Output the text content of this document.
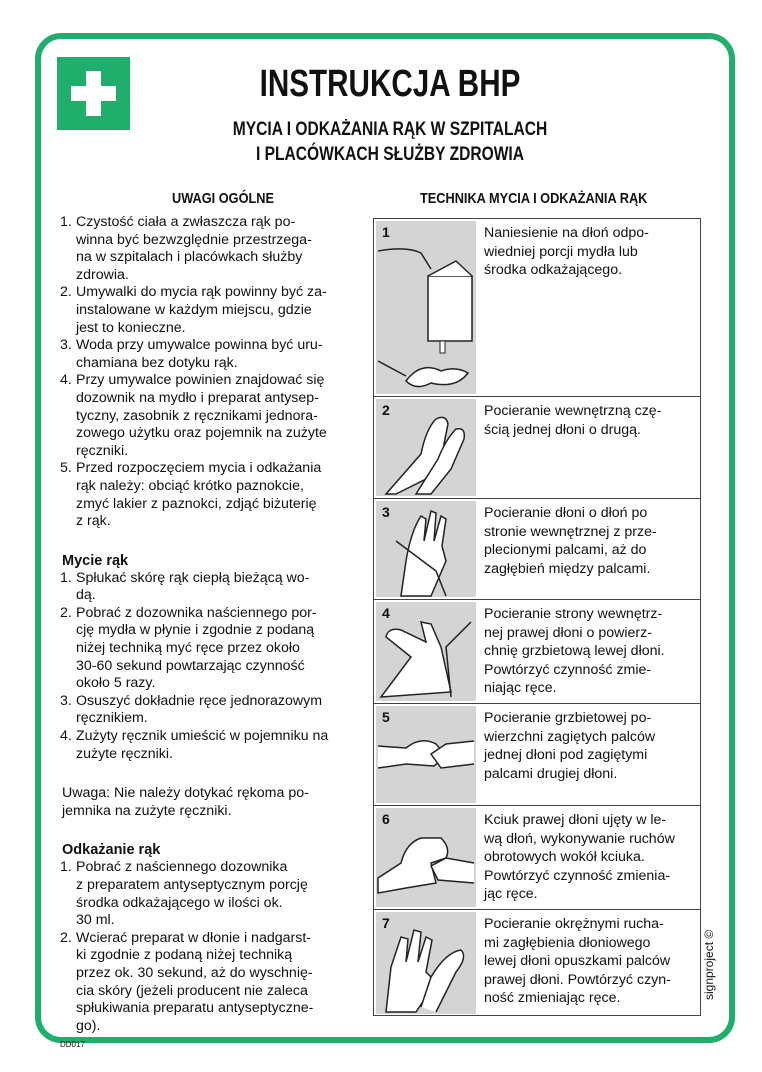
INSTRUKCJA BHP
MYCIA I ODKAŻANIA RĄK W SZPITALACH
I PLACÓWKACH SŁUŻBY ZDROWIA
UWAGI OGÓLNE	TECHNIKA MYCIA I ODKAŻANIA RĄK
1. Czystość ciała a zwłaszcza rąk po-
winna być bezwzględnie przestrzega-
na w szpitalach i placówkach służby
zdrowia.
2. Umywalki do mycia rąk powinny być za-
instalowane w każdym miejscu, gdzie
jest to konieczne.
3. Woda przy umywalce powinna być uru-
chamiana bez dotyku rąk.
4. Przy umywalce powinien znajdować się
dozownik na mydło i preparat antysep-
tyczny, zasobnik z ręcznikami jednora-
zowego użytku oraz pojemnik na zużyte
ręczniki.
5. Przed rozpoczęciem mycia i odkażania
rąk należy: obciąć krótko paznokcie,
zmyć lakier z paznokci, zdjąć biżuterię
z rąk.
Mycie rąk
1. Spłukać skórę rąk ciepłą bieżącą wo-
dą.
2. Pobrać z dozownika naściennego por-
cję mydła w płynie i zgodnie z podaną
niżej techniką myć ręce przez około
30-60 sekund powtarzając czynność
około 5 razy.
3. Osuszyć dokładnie ręce jednorazowym
ręcznikiem.
4. Zużyty ręcznik umieścić w pojemniku na
zużyte ręczniki.
Uwaga: Nie należy dotykać rękoma po-
jemnika na zużyte ręczniki.
Odkażanie rąk
1. Pobrać z naściennego dozownika
z preparatem antyseptycznym porcję
środka odkażającego w ilości ok.
30 ml.
2. Wcierać preparat w dłonie i nadgarst-
ki zgodnie z podaną niżej techniką
przez ok. 30 sekund, aż do wyschnię-
cia skóry (jeżeli producent nie zaleca
spłukiwania preparatu antyseptyczne-
go).
1	Naniesienie na dłoń odpo-
wiedniej porcji mydła lub
środka odkażającego.
2	Pocieranie wewnętrzną czę-
ścią jednej dłoni o drugą.
3	Pocieranie dłoni o dłoń po
stronie wewnętrznej z prze-
plecionymi palcami, aż do
zagłębień między palcami.
4	Pocieranie strony wewnętrz-
nej prawej dłoni o powierz-
chnię grzbietową lewej dłoni.
Powtórzyć czynność zmie-
niając ręce.
5	Pocieranie grzbietowej po-
wierzchni zagiętych palców
jednej dłoni pod zagiętymi
palcami drugiej dłoni.
6	Kciuk prawej dłoni ujęty w le-
wą dłoń, wykonywanie ruchów
obrotowych wokół kciuka.
Powtórzyć czynność zmienia-
jąc ręce.
7	Pocieranie okrężnymi rucha-
mi zagłębienia dłoniowego
lewej dłoni opuszkami palców
prawej dłoni. Powtórzyć czyn-
ność zmieniając ręce.	signproject ©
DD017
